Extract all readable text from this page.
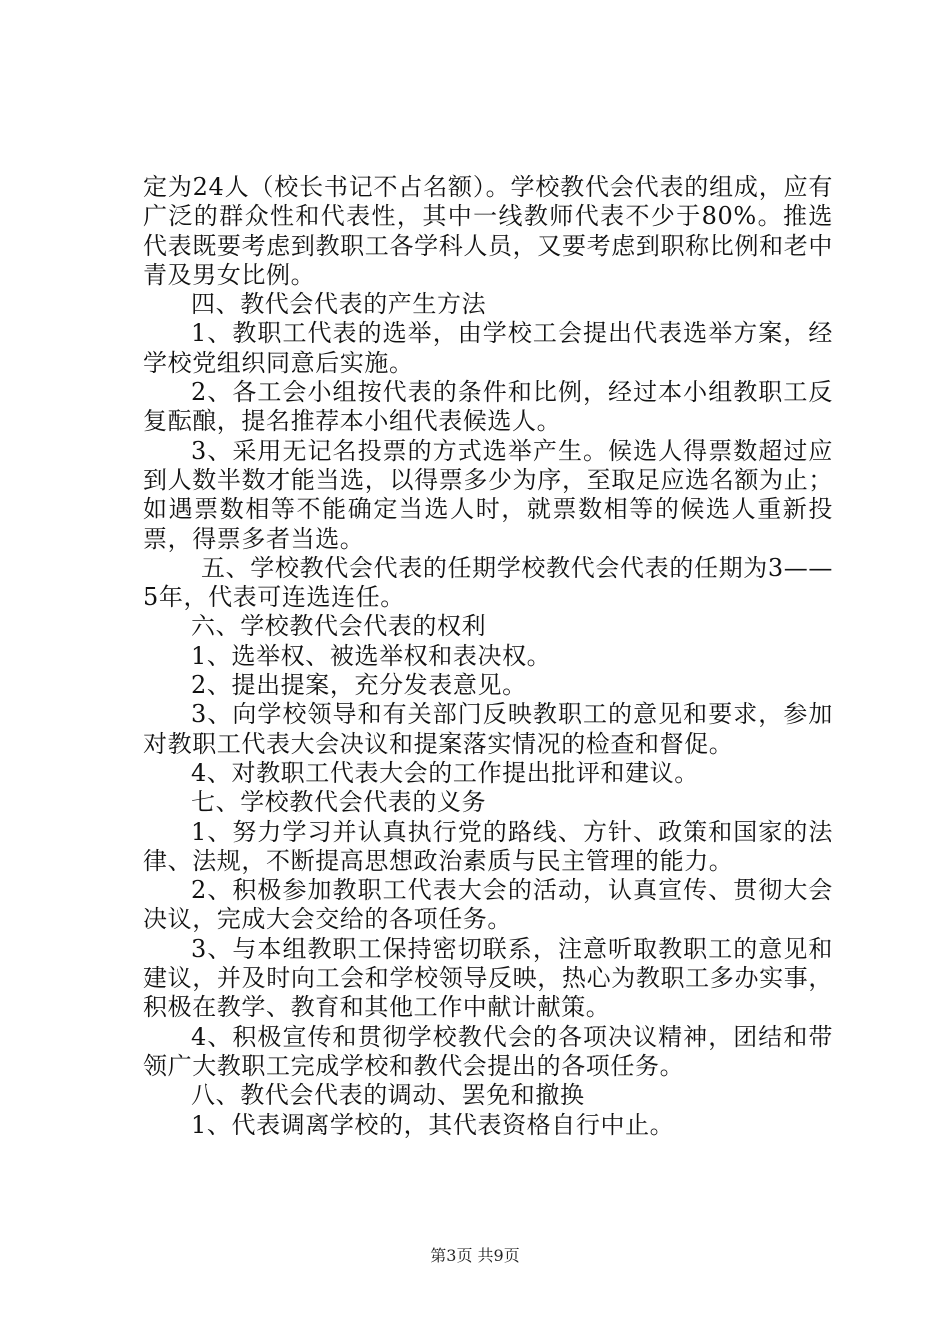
定为24人（校长书记不占名额）。学校教代会代表的组成，应有广泛的群众性和代表性，其中一线教师代表不少于80%。推选代表既要考虑到教职工各学科人员，又要考虑到职称比例和老中青及男女比例。

四、教代会代表的产生方法

1、教职工代表的选举，由学校工会提出代表选举方案，经学校党组织同意后实施。

2、各工会小组按代表的条件和比例，经过本小组教职工反复酝酿，提名推荐本小组代表候选人。

3、采用无记名投票的方式选举产生。候选人得票数超过应到人数半数才能当选，以得票多少为序，至取足应选名额为止；如遇票数相等不能确定当选人时，就票数相等的候选人重新投票，得票多者当选。

五、学校教代会代表的任期学校教代会代表的任期为3——5年，代表可连选连任。

六、学校教代会代表的权利

1、选举权、被选举权和表决权。

2、提出提案，充分发表意见。

3、向学校领导和有关部门反映教职工的意见和要求，参加对教职工代表大会决议和提案落实情况的检查和督促。

4、对教职工代表大会的工作提出批评和建议。

七、学校教代会代表的义务

1、努力学习并认真执行党的路线、方针、政策和国家的法律、法规，不断提高思想政治素质与民主管理的能力。

2、积极参加教职工代表大会的活动，认真宣传、贯彻大会决议，完成大会交给的各项任务。

3、与本组教职工保持密切联系，注意听取教职工的意见和建议，并及时向工会和学校领导反映，热心为教职工多办实事，积极在教学、教育和其他工作中献计献策。

4、积极宣传和贯彻学校教代会的各项决议精神，团结和带领广大教职工完成学校和教代会提出的各项任务。

八、教代会代表的调动、罢免和撤换

1、代表调离学校的，其代表资格自行中止。

第3页 共9页
